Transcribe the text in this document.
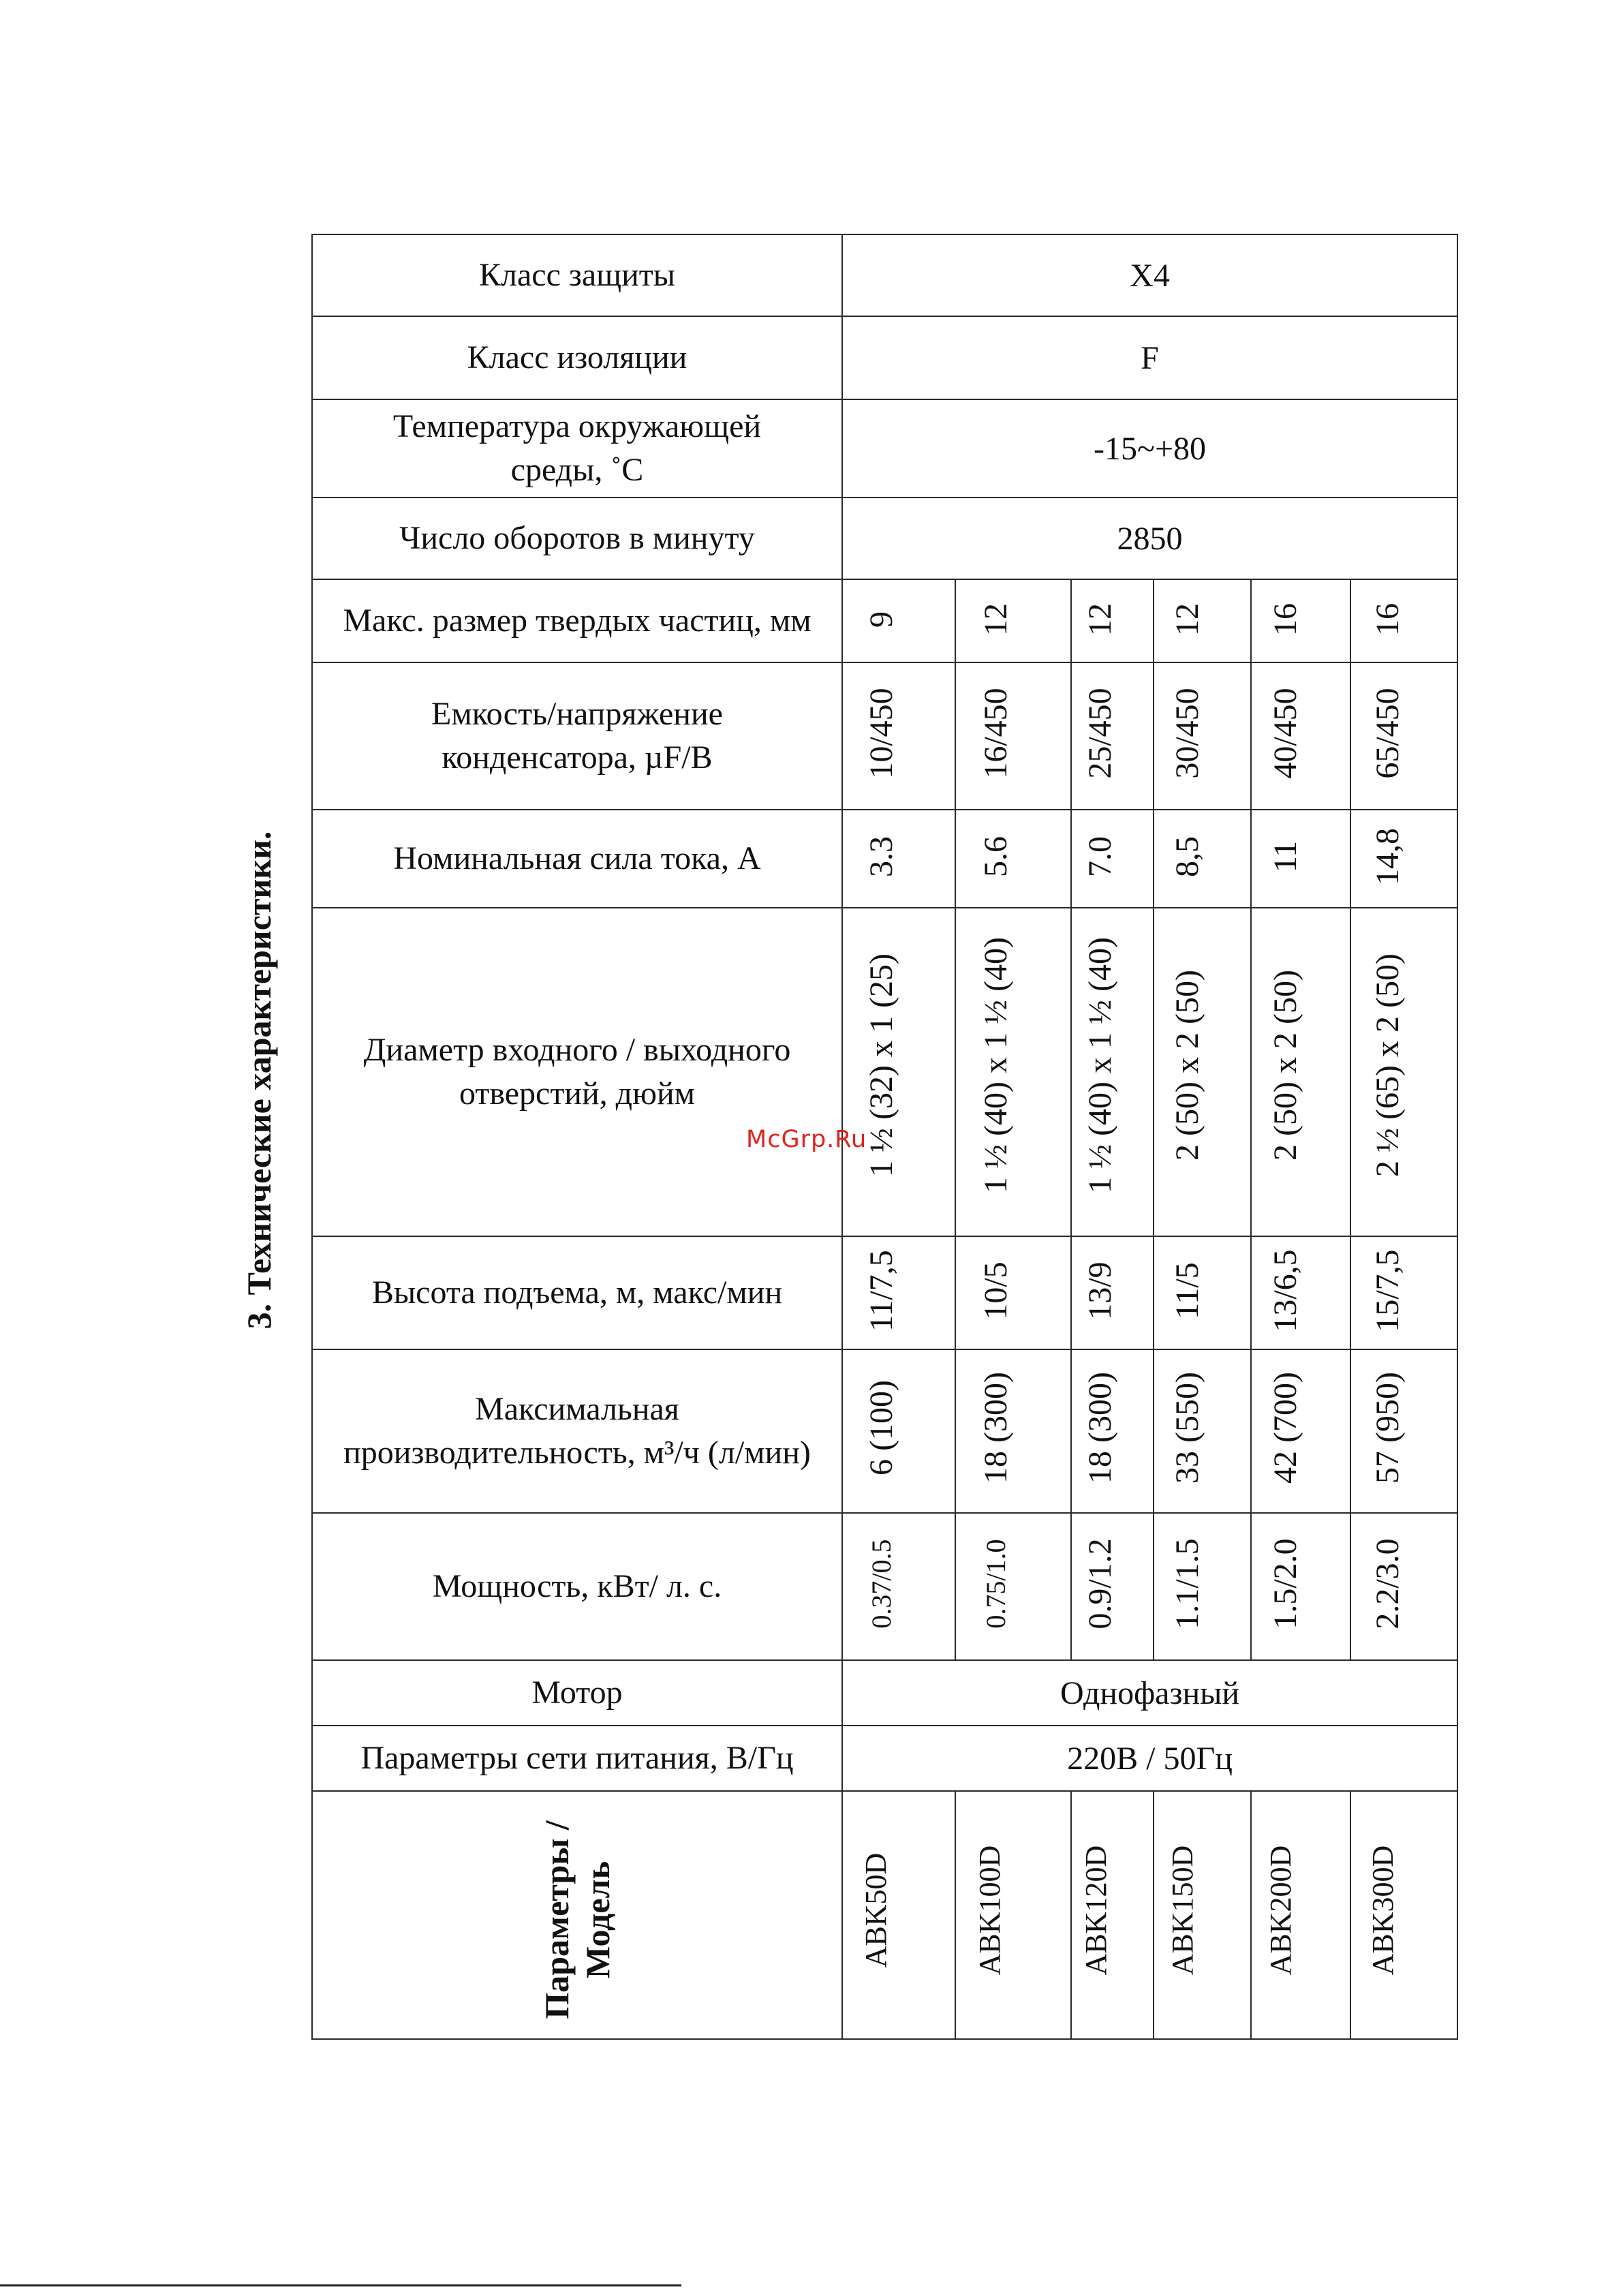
3. Технические характеристики.
Класс защиты	X4					
Класс изоляции	F					

Температура окружающей
среды, ˚С	-15~+80					
Число оборотов в минуту	2850					
Макс. размер твердых частиц, мм	9	12	12	12	16	16

Емкость/напряжение
конденсатора, µF/B	10/450	16/450	25/450	30/450	40/450	65/450

Номинальная сила тока, А	3.3	5.6	7.0	8,5	11	14,8

Диаметр входного / выходного
отверстий, дюйм	1 ½ (32) x 1 (25)	1 ½ (40) x 1 ½ (40)	1 ½ (40) x 1 ½ (40)	2 (50) x 2 (50)	2 (50) x 2 (50)	2 ½ (65) x 2 (50)

Высота подъема, м, макс/мин	11/7,5	10/5	13/9	11/5	13/6,5	15/7,5

Максимальная
производительность, м³/ч (л/мин)	6 (100)	18 (300)	18 (300)	33 (550)	42 (700)	57 (950)

Мощность, кВт/ л. с.	0.37/0.5	0.75/1.0	0.9/1.2	1.1/1.5	1.5/2.0	2.2/3.0

Мотор	Однофазный					
Параметры сети питания, В/Гц	220В / 50Гц					

Параметры / Модель	ABK50D	ABK100D	ABK120D	ABK150D	ABK200D	ABK300D
McGrp.Ru
